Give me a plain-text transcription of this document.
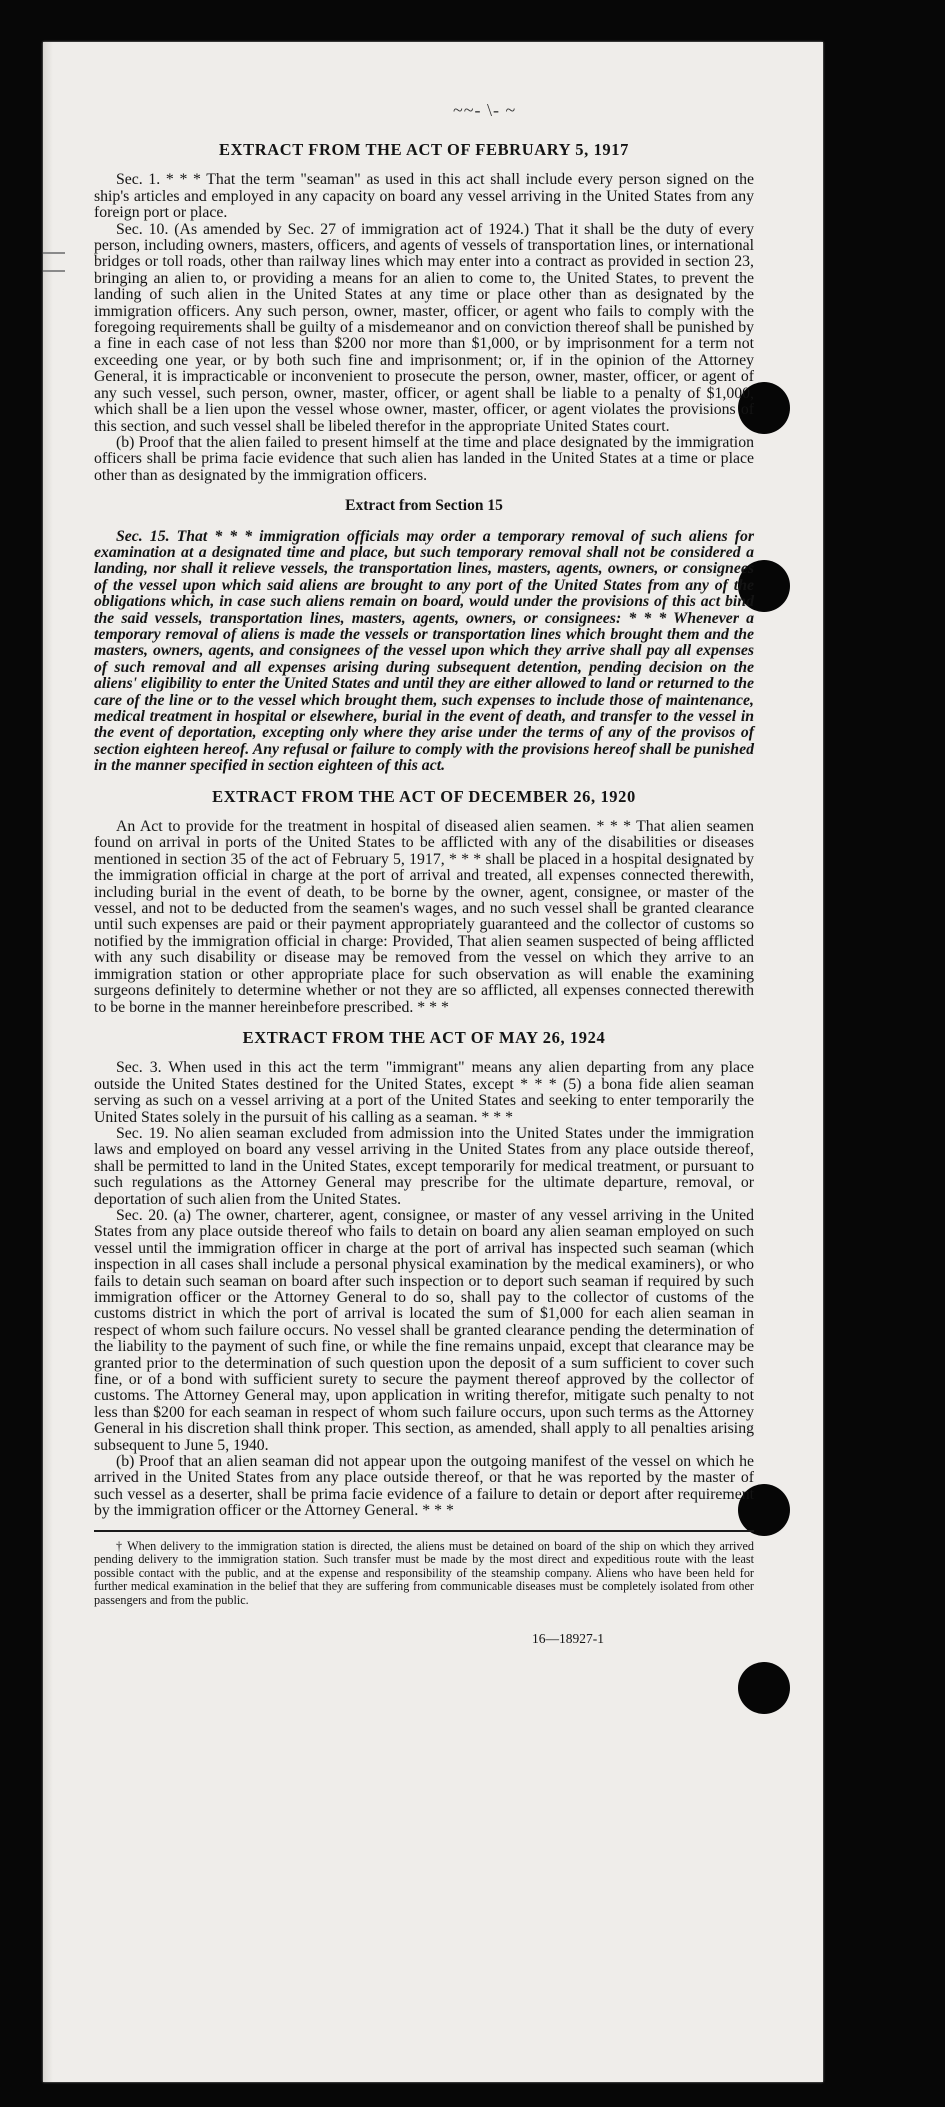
~~- \- ~
EXTRACT FROM THE ACT OF FEBRUARY 5, 1917

Sec. 1. * * * That the term "seaman" as used in this act shall include every person signed on the ship's articles and employed in any capacity on board any vessel arriving in the United States from any foreign port or place.

Sec. 10. (As amended by Sec. 27 of immigration act of 1924.) That it shall be the duty of every person, including owners, masters, officers, and agents of vessels of transportation lines, or international bridges or toll roads, other than railway lines which may enter into a contract as provided in section 23, bringing an alien to, or providing a means for an alien to come to, the United States, to prevent the landing of such alien in the United States at any time or place other than as designated by the immigration officers. Any such person, owner, master, officer, or agent who fails to comply with the foregoing requirements shall be guilty of a misdemeanor and on conviction thereof shall be punished by a fine in each case of not less than $200 nor more than $1,000, or by imprisonment for a term not exceeding one year, or by both such fine and imprisonment; or, if in the opinion of the Attorney General, it is impracticable or inconvenient to prosecute the person, owner, master, officer, or agent of any such vessel, such person, owner, master, officer, or agent shall be liable to a penalty of $1,000, which shall be a lien upon the vessel whose owner, master, officer, or agent violates the provisions of this section, and such vessel shall be libeled therefor in the appropriate United States court.

(b) Proof that the alien failed to present himself at the time and place designated by the immigration officers shall be prima facie evidence that such alien has landed in the United States at a time or place other than as designated by the immigration officers.

Extract from Section 15

Sec. 15. That * * * immigration officials may order a temporary removal of such aliens for examination at a designated time and place, but such temporary removal shall not be considered a landing, nor shall it relieve vessels, the transportation lines, masters, agents, owners, or consignees of the vessel upon which said aliens are brought to any port of the United States from any of the obligations which, in case such aliens remain on board, would under the provisions of this act bind the said vessels, transportation lines, masters, agents, owners, or consignees: * * * Whenever a temporary removal of aliens is made the vessels or transportation lines which brought them and the masters, owners, agents, and consignees of the vessel upon which they arrive shall pay all expenses of such removal and all expenses arising during subsequent detention, pending decision on the aliens' eligibility to enter the United States and until they are either allowed to land or returned to the care of the line or to the vessel which brought them, such expenses to include those of maintenance, medical treatment in hospital or elsewhere, burial in the event of death, and transfer to the vessel in the event of deportation, excepting only where they arise under the terms of any of the provisos of section eighteen hereof. Any refusal or failure to comply with the provisions hereof shall be punished in the manner specified in section eighteen of this act.

EXTRACT FROM THE ACT OF DECEMBER 26, 1920

An Act to provide for the treatment in hospital of diseased alien seamen. * * * That alien seamen found on arrival in ports of the United States to be afflicted with any of the disabilities or diseases mentioned in section 35 of the act of February 5, 1917, * * * shall be placed in a hospital designated by the immigration official in charge at the port of arrival and treated, all expenses connected therewith, including burial in the event of death, to be borne by the owner, agent, consignee, or master of the vessel, and not to be deducted from the seamen's wages, and no such vessel shall be granted clearance until such expenses are paid or their payment appropriately guaranteed and the collector of customs so notified by the immigration official in charge: Provided, That alien seamen suspected of being afflicted with any such disability or disease may be removed from the vessel on which they arrive to an immigration station or other appropriate place for such observation as will enable the examining surgeons definitely to determine whether or not they are so afflicted, all expenses connected therewith to be borne in the manner hereinbefore prescribed. * * *

EXTRACT FROM THE ACT OF MAY 26, 1924

Sec. 3. When used in this act the term "immigrant" means any alien departing from any place outside the United States destined for the United States, except * * * (5) a bona fide alien seaman serving as such on a vessel arriving at a port of the United States and seeking to enter temporarily the United States solely in the pursuit of his calling as a seaman. * * *

Sec. 19. No alien seaman excluded from admission into the United States under the immigration laws and employed on board any vessel arriving in the United States from any place outside thereof, shall be permitted to land in the United States, except temporarily for medical treatment, or pursuant to such regulations as the Attorney General may prescribe for the ultimate departure, removal, or deportation of such alien from the United States.

Sec. 20. (a) The owner, charterer, agent, consignee, or master of any vessel arriving in the United States from any place outside thereof who fails to detain on board any alien seaman employed on such vessel until the immigration officer in charge at the port of arrival has inspected such seaman (which inspection in all cases shall include a personal physical examination by the medical examiners), or who fails to detain such seaman on board after such inspection or to deport such seaman if required by such immigration officer or the Attorney General to do so, shall pay to the collector of customs of the customs district in which the port of arrival is located the sum of $1,000 for each alien seaman in respect of whom such failure occurs. No vessel shall be granted clearance pending the determination of the liability to the payment of such fine, or while the fine remains unpaid, except that clearance may be granted prior to the determination of such question upon the deposit of a sum sufficient to cover such fine, or of a bond with sufficient surety to secure the payment thereof approved by the collector of customs. The Attorney General may, upon application in writing therefor, mitigate such penalty to not less than $200 for each seaman in respect of whom such failure occurs, upon such terms as the Attorney General in his discretion shall think proper. This section, as amended, shall apply to all penalties arising subsequent to June 5, 1940.

(b) Proof that an alien seaman did not appear upon the outgoing manifest of the vessel on which he arrived in the United States from any place outside thereof, or that he was reported by the master of such vessel as a deserter, shall be prima facie evidence of a failure to detain or deport after requirement by the immigration officer or the Attorney General. * * *

† When delivery to the immigration station is directed, the aliens must be detained on board of the ship on which they arrived pending delivery to the immigration station. Such transfer must be made by the most direct and expeditious route with the least possible contact with the public, and at the expense and responsibility of the steamship company. Aliens who have been held for further medical examination in the belief that they are suffering from communicable diseases must be completely isolated from other passengers and from the public.

16—18927-1
